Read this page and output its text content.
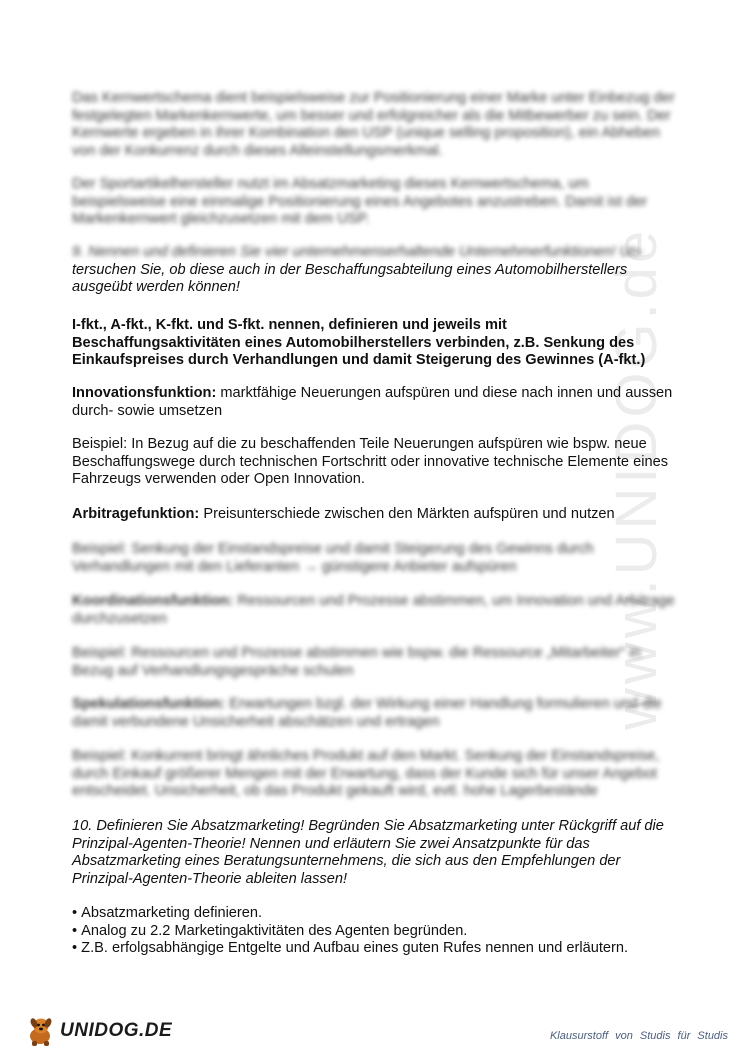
www.UNIDOG.de

Das Kernwertschema dient beispielsweise zur Positionierung einer Marke unter Einbezug der festgelegten Markenkernwerte, um besser und erfolgreicher als die Mitbewerber zu sein. Der Kernwerte ergeben in ihrer Kombination den USP (unique selling proposition), ein Abheben von der Konkurrenz durch dieses Alleinstellungsmerkmal.

Der Sportartikelhersteller nutzt im Absatzmarketing dieses Kernwertschema, um beispielsweise eine einmalige Positionierung eines Angebotes anzustreben. Damit ist der Markenkernwert gleichzusetzen mit dem USP.

9. Nennen und definieren Sie vier unternehmenserhaltende Unternehmerfunktionen! Un-
tersuchen Sie, ob diese auch in der Beschaffungsabteilung eines Automobilherstellers ausgeübt werden können!

I-fkt., A-fkt., K-fkt. und S-fkt. nennen, definieren und jeweils mit Beschaffungsaktivitäten eines Automobilherstellers verbinden, z.B. Senkung des Einkaufspreises durch Verhandlungen und damit Steigerung des Gewinnes (A-fkt.)

Innovationsfunktion: marktfähige Neuerungen aufspüren und diese nach innen und aussen durch- sowie umsetzen

Beispiel: In Bezug auf die zu beschaffenden Teile Neuerungen aufspüren wie bspw. neue Beschaffungswege durch technischen Fortschritt oder innovative technische Elemente eines Fahrzeugs verwenden oder Open Innovation.

Arbitragefunktion: Preisunterschiede zwischen den Märkten aufspüren und nutzen

Beispiel: Senkung der Einstandspreise und damit Steigerung des Gewinns durch Verhandlungen mit den Lieferanten → günstigere Anbieter aufspüren

Koordinationsfunktion: Ressourcen und Prozesse abstimmen, um Innovation und Arbitrage durchzusetzen

Beispiel: Ressourcen und Prozesse abstimmen wie bspw. die Ressource „Mitarbeiter“ in Bezug auf Verhandlungsgespräche schulen

Spekulationsfunktion: Erwartungen bzgl. der Wirkung einer Handlung formulieren und die damit verbundene Unsicherheit abschätzen und ertragen

Beispiel: Konkurrent bringt ähnliches Produkt auf den Markt. Senkung der Einstandspreise, durch Einkauf größerer Mengen mit der Erwartung, dass der Kunde sich für unser Angebot entscheidet. Unsicherheit, ob das Produkt gekauft wird, evtl. hohe Lagerbestände

10. Definieren Sie Absatzmarketing! Begründen Sie Absatzmarketing unter Rückgriff auf die Prinzipal-Agenten-Theorie! Nennen und erläutern Sie zwei Ansatzpunkte für das Absatzmarketing eines Beratungsunternehmens, die sich aus den Empfehlungen der Prinzipal-Agenten-Theorie ableiten lassen!

• Absatzmarketing definieren.
• Analog zu 2.2 Marketingaktivitäten des Agenten begründen.
• Z.B. erfolgsabhängige Entgelte und Aufbau eines guten Rufes nennen und erläutern.
UNIDOG.DE	Klausurstoff von Studis für Studis
